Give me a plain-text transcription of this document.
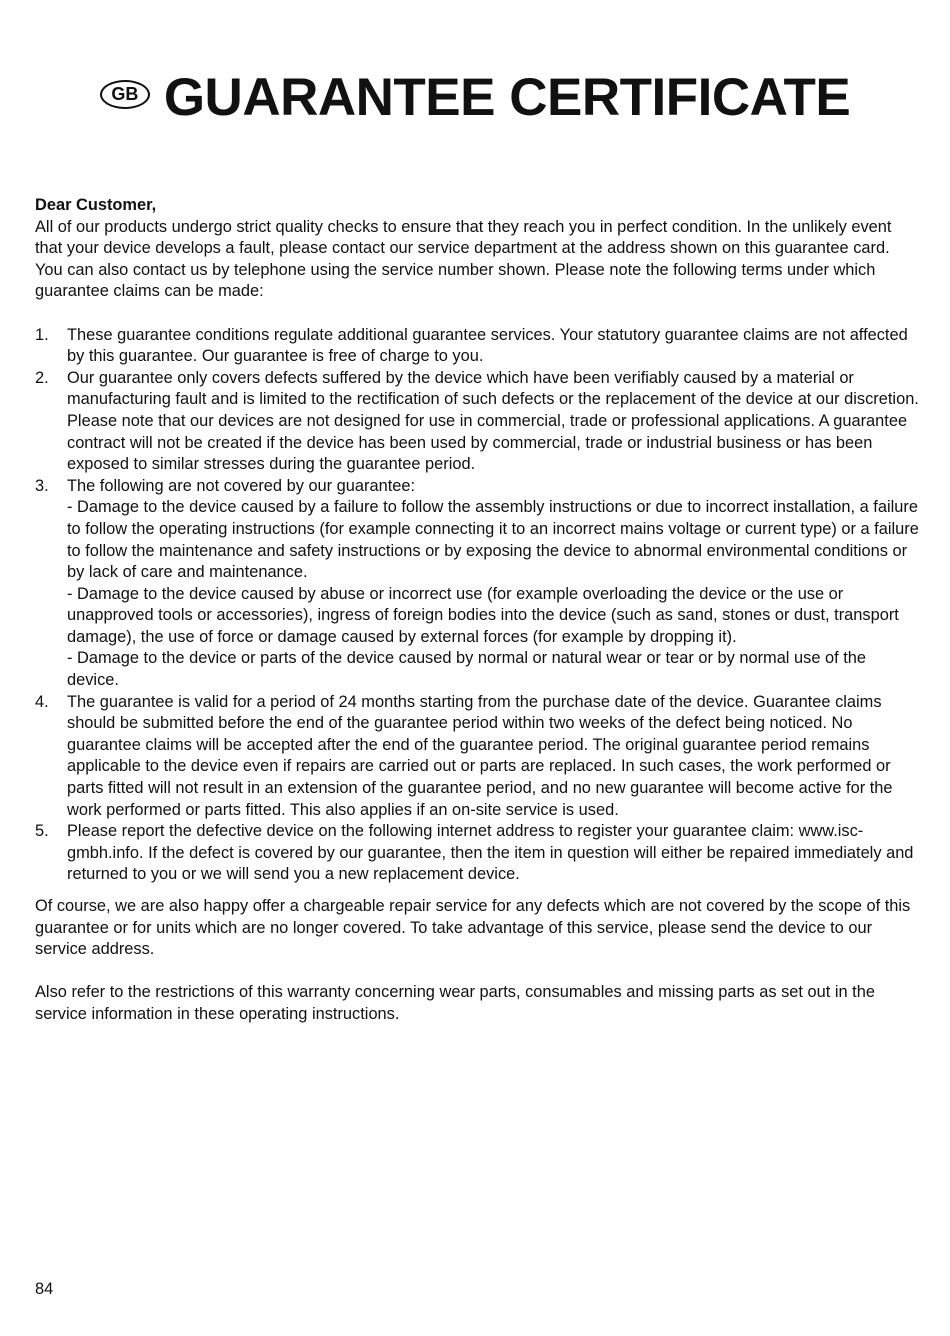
GB GUARANTEE CERTIFICATE

Dear Customer,

All of our products undergo strict quality checks to ensure that they reach you in perfect condition. In the unlikely event that your device develops a fault, please contact our service department at the address shown on this guarantee card. You can also contact us by telephone using the service number shown. Please note the following terms under which guarantee claims can be made:

1. These guarantee conditions regulate additional guarantee services. Your statutory guarantee claims are not affected by this guarantee. Our guarantee is free of charge to you.

2. Our guarantee only covers defects suffered by the device which have been verifiably caused by a material or manufacturing fault and is limited to the rectification of such defects or the replacement of the device at our discretion.

Please note that our devices are not designed for use in commercial, trade or professional applications. A guarantee contract will not be created if the device has been used by commercial, trade or industrial business or has been exposed to similar stresses during the guarantee period.

3. The following are not covered by our guarantee:

- Damage to the device caused by a failure to follow the assembly instructions or due to incorrect installation, a failure to follow the operating instructions (for example connecting it to an incorrect mains voltage or current type) or a failure to follow the maintenance and safety instructions or by exposing the device to abnormal environmental conditions or by lack of care and maintenance.

- Damage to the device caused by abuse or incorrect use (for example overloading the device or the use or unapproved tools or accessories), ingress of foreign bodies into the device (such as sand, stones or dust, transport damage), the use of force or damage caused by external forces (for example by dropping it).

- Damage to the device or parts of the device caused by normal or natural wear or tear or by normal use of the device.

4. The guarantee is valid for a period of 24 months starting from the purchase date of the device. Guarantee claims should be submitted before the end of the guarantee period within two weeks of the defect being noticed. No guarantee claims will be accepted after the end of the guarantee period. The original guarantee period remains applicable to the device even if repairs are carried out or parts are replaced. In such cases, the work performed or parts fitted will not result in an extension of the guarantee period, and no new guarantee will become active for the work performed or parts fitted. This also applies if an on-site service is used.

5. Please report the defective device on the following internet address to register your guarantee claim: www.isc-gmbh.info. If the defect is covered by our guarantee, then the item in question will either be repaired immediately and returned to you or we will send you a new replacement device.

Of course, we are also happy offer a chargeable repair service for any defects which are not covered by the scope of this guarantee or for units which are no longer covered. To take advantage of this service, please send the device to our service address.

Also refer to the restrictions of this warranty concerning wear parts, consumables and missing parts as set out in the service information in these operating instructions.

84
